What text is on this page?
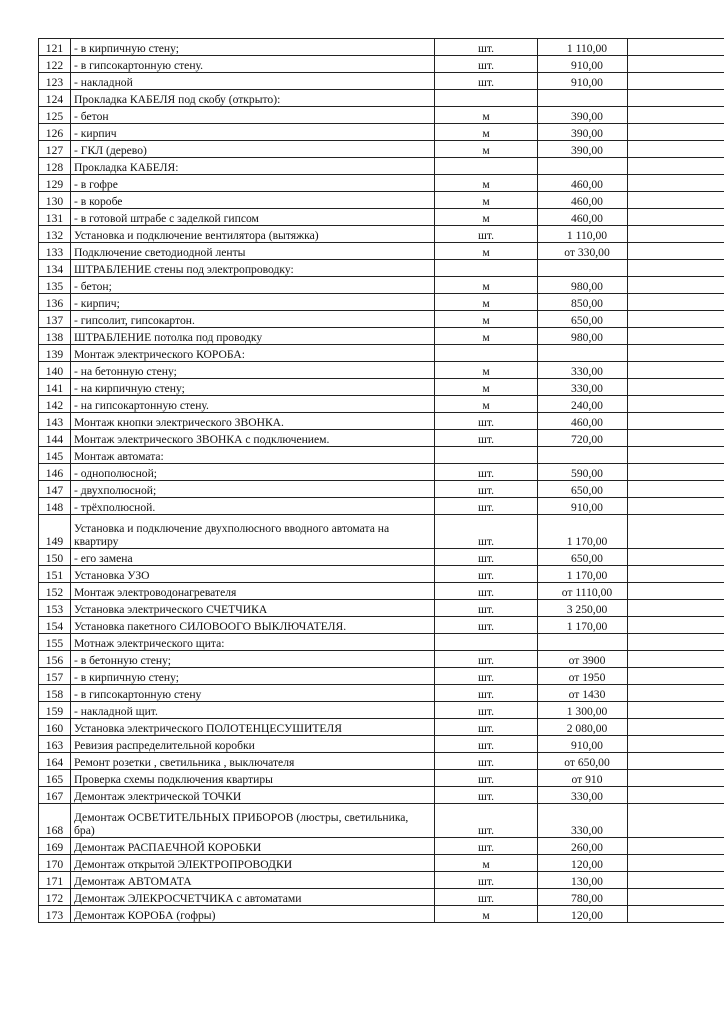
121	- в кирпичную стену;	шт.	1 110,00	
122	- в гипсокартонную стену.	шт.	910,00	
123	- накладной	шт.	910,00	
124	Прокладка КАБЕЛЯ под скобу (открыто):			
125	- бетон	м	390,00	
126	- кирпич	м	390,00	
127	- ГКЛ (дерево)	м	390,00	
128	Прокладка КАБЕЛЯ:			
129	- в гофре	м	460,00	
130	- в коробе	м	460,00	
131	- в готовой штрабе с заделкой гипсом	м	460,00	
132	Установка и подключение вентилятора (вытяжка)	шт.	1 110,00	
133	Подключение светодиодной ленты	м	от 330,00	
134	ШТРАБЛЕНИЕ стены под электропроводку:			
135	- бетон;	м	980,00	
136	- кирпич;	м	850,00	
137	- гипсолит, гипсокартон.	м	650,00	
138	ШТРАБЛЕНИЕ потолка под проводку	м	980,00	
139	Монтаж электрического КОРОБА:			
140	- на бетонную стену;	м	330,00	
141	- на кирпичную стену;	м	330,00	
142	- на гипсокартонную стену.	м	240,00	
143	Монтаж кнопки электрического ЗВОНКА.	шт.	460,00	
144	Монтаж электрического ЗВОНКА с подключением.	шт.	720,00	
145	Монтаж автомата:			
146	- однополюсной;	шт.	590,00	
147	- двухполюсной;	шт.	650,00	
148	- трёхполюсной.	шт.	910,00	
149	Установка и подключение двухполюсного вводного автомата на квартиру	шт.	1 170,00	
150	- его замена	шт.	650,00	
151	Установка УЗО	шт.	1 170,00	
152	Монтаж электроводонагревателя	шт.	от 1110,00	
153	Установка электрического СЧЕТЧИКА	шт.	3 250,00	
154	Установка пакетного СИЛОВООГО ВЫКЛЮЧАТЕЛЯ.	шт.	1 170,00	
155	Мотнаж электрического щита:			
156	- в бетонную стену;	шт.	от 3900	
157	- в кирпичную стену;	шт.	от 1950	
158	- в гипсокартонную стену	шт.	от 1430	
159	- накладной щит.	шт.	1 300,00	
160	Установка электрического ПОЛОТЕНЦЕСУШИТЕЛЯ	шт.	2 080,00	
163	Ревизия распределительной коробки	шт.	910,00	
164	Ремонт розетки , светильника , выключателя	шт.	от 650,00	
165	Проверка схемы подключения квартиры	шт.	от 910	
167	Демонтаж электрической ТОЧКИ	шт.	330,00	
168	Демонтаж ОСВЕТИТЕЛЬНЫХ ПРИБОРОВ (люстры, светильника, бра)	шт.	330,00	
169	Демонтаж РАСПАЕЧНОЙ КОРОБКИ	шт.	260,00	
170	Демонтаж открытой ЭЛЕКТРОПРОВОДКИ	м	120,00	
171	Демонтаж АВТОМАТА	шт.	130,00	
172	Демонтаж ЭЛЕКРОСЧЕТЧИКА с автоматами	шт.	780,00	
173	Демонтаж КОРОБА (гофры)	м	120,00	
